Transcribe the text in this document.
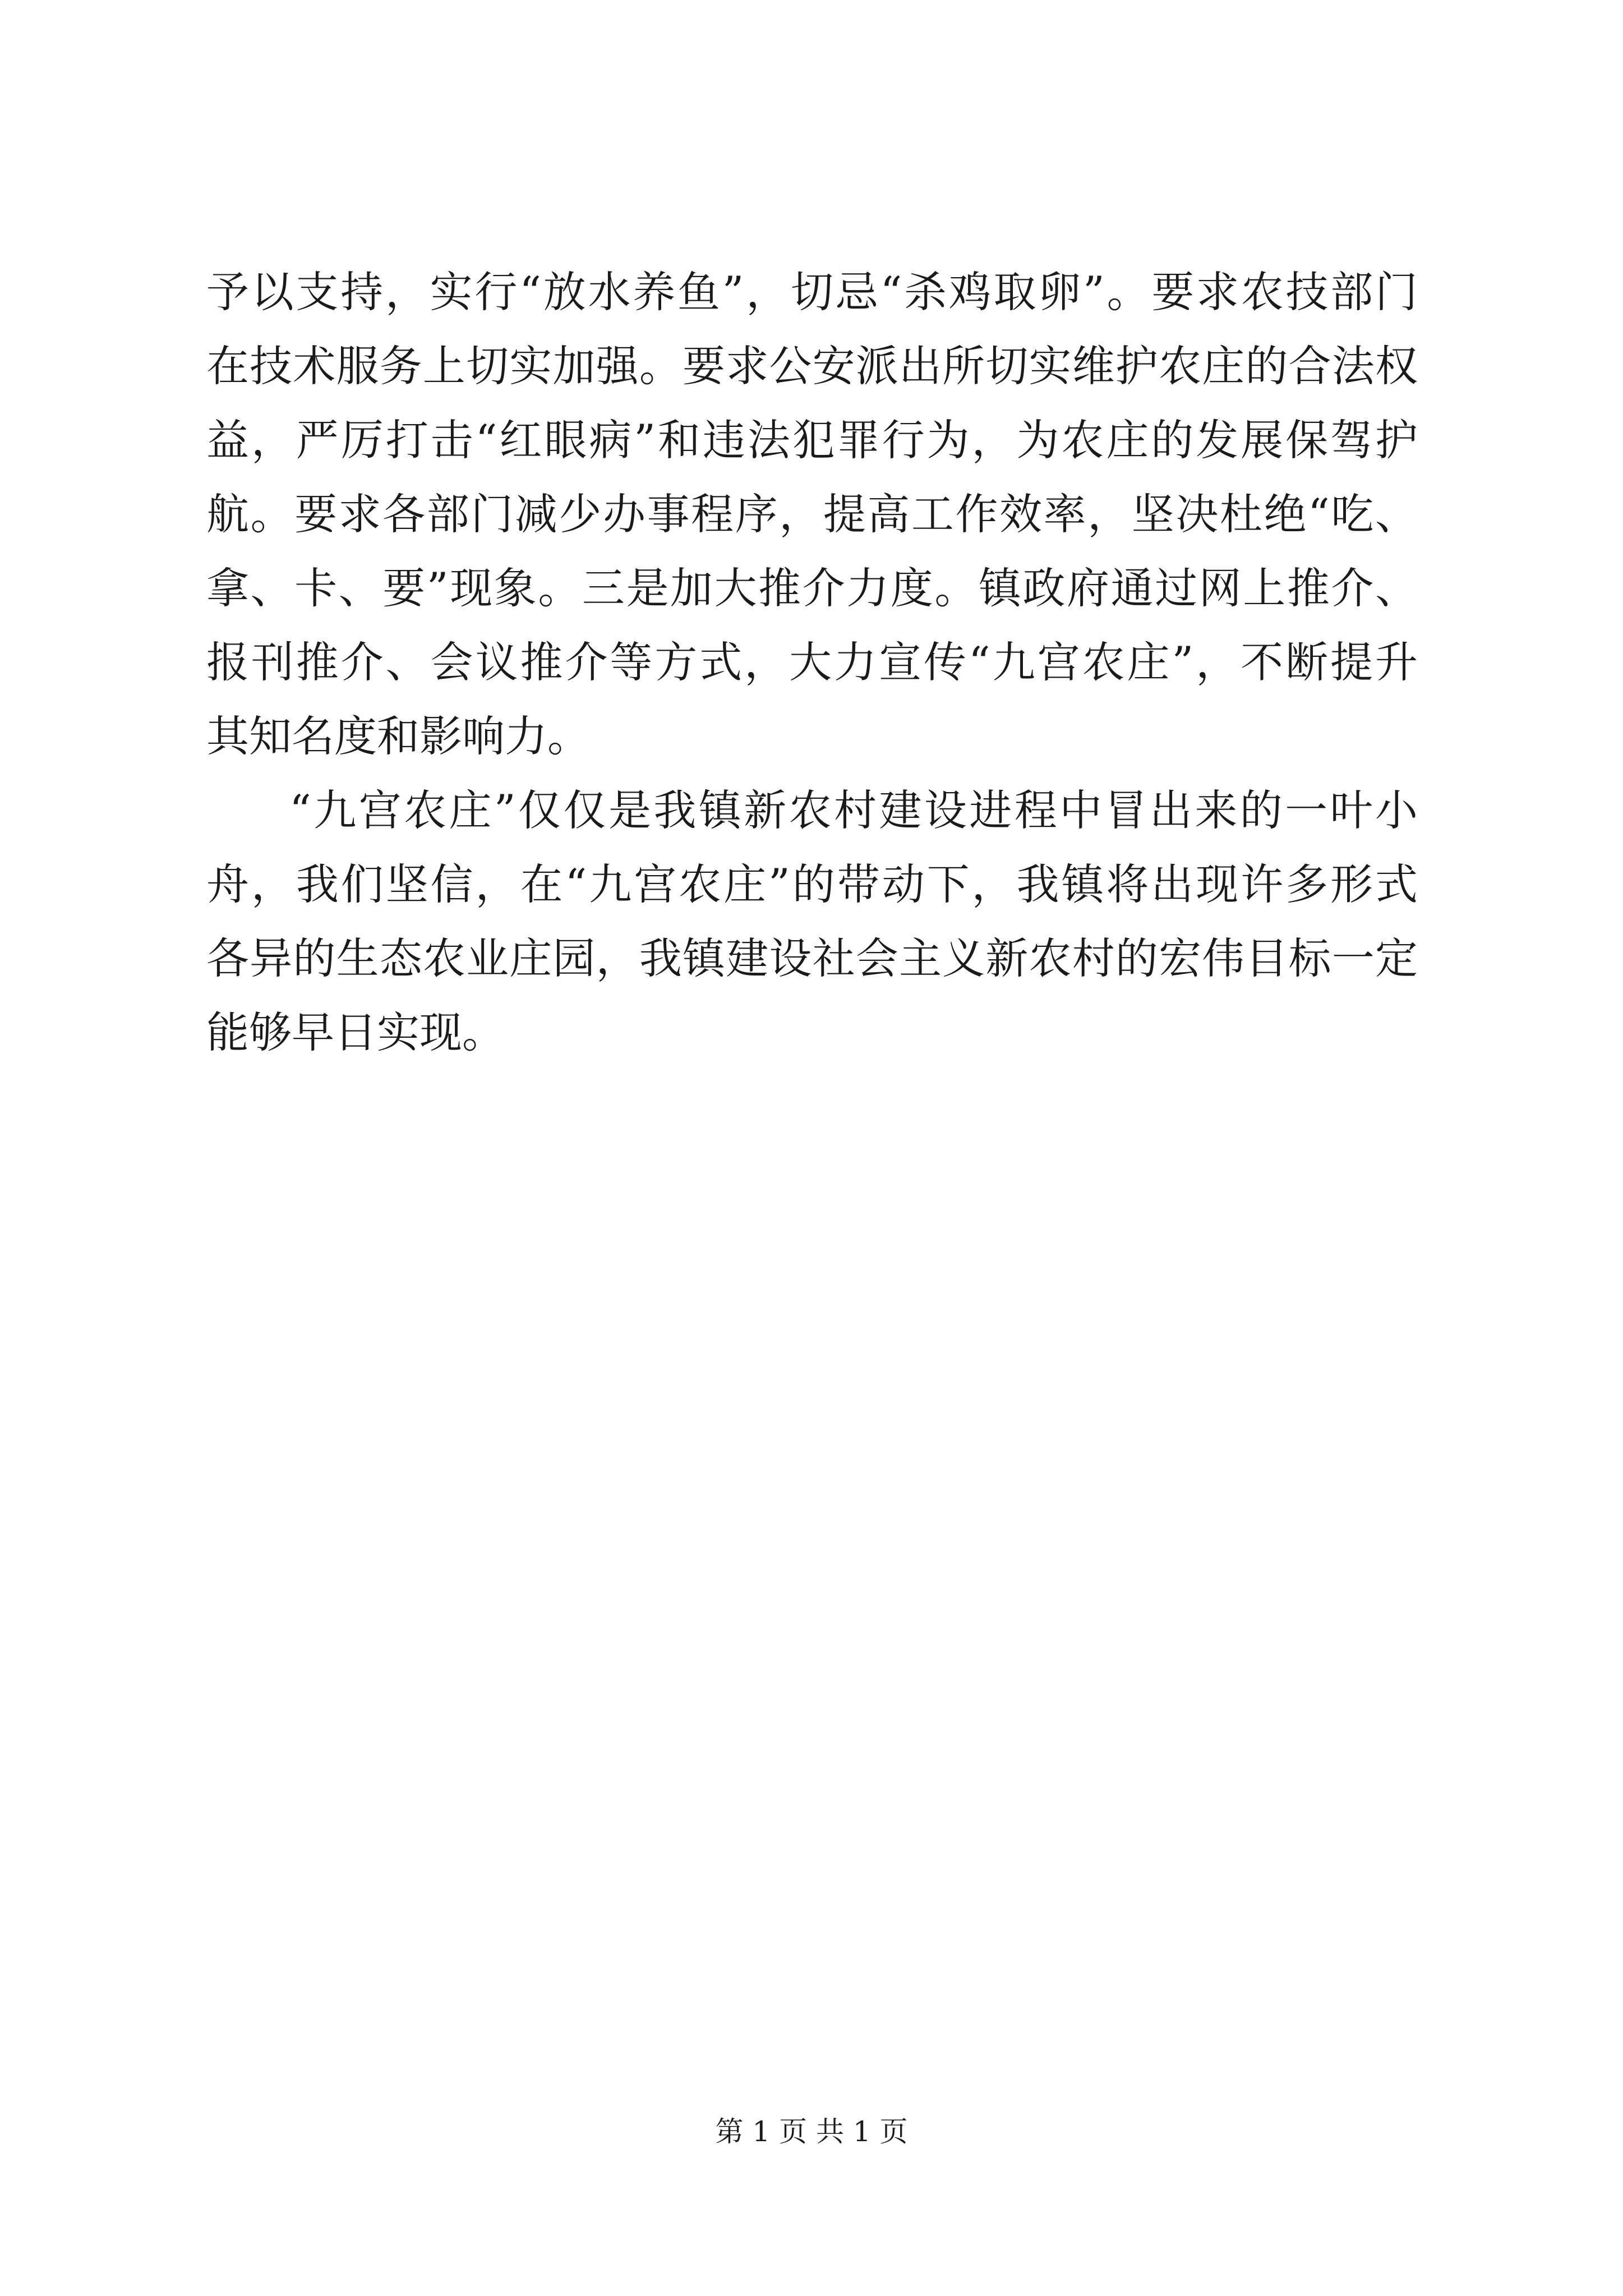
予以支持，实行“放水养鱼”，切忌“杀鸡取卵”。要求农技部门
在技术服务上切实加强。要求公安派出所切实维护农庄的合法权
益，严厉打击“红眼病”和违法犯罪行为，为农庄的发展保驾护
航。要求各部门减少办事程序，提高工作效率，坚决杜绝“吃、
拿、卡、要”现象。三是加大推介力度。镇政府通过网上推介、
报刊推介、会议推介等方式，大力宣传“九宫农庄”，不断提升
其知名度和影响力。
“九宫农庄”仅仅是我镇新农村建设进程中冒出来的一叶小
舟，我们坚信，在“九宫农庄”的带动下，我镇将出现许多形式
各异的生态农业庄园，我镇建设社会主义新农村的宏伟目标一定
能够早日实现。
第 1 页 共 1 页
